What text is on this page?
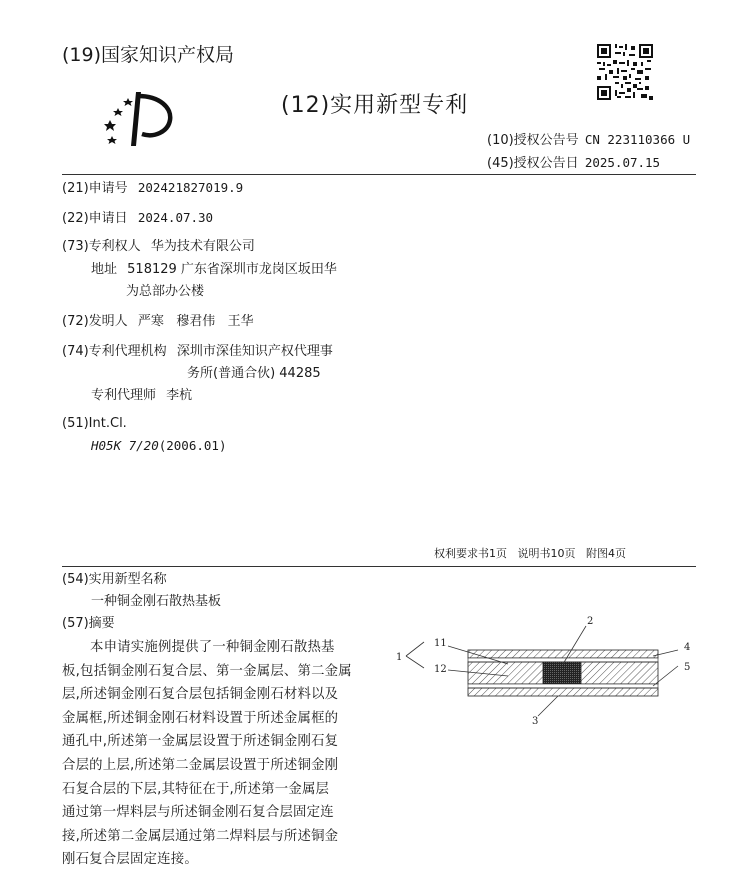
(19)国家知识产权局
(12)实用新型专利
(10)授权公告号 CN 223110366 U
(45)授权公告日 2025.07.15
(21)申请号 202421827019.9
(22)申请日 2024.07.30
(73)专利权人 华为技术有限公司
地址 518129 广东省深圳市龙岗区坂田华
为总部办公楼
(72)发明人 严寒   穆君伟   王华
(74)专利代理机构 深圳市深佳知识产权代理事
务所(普通合伙) 44285
专利代理师 李杭
(51)Int.Cl.
H05K 7/20(2006.01)
权利要求书1页   说明书10页   附图4页
(54)实用新型名称
一种铜金刚石散热基板
(57)摘要

本申请实施例提供了一种铜金刚石散热基

板,包括铜金刚石复合层、第一金属层、第二金属

层,所述铜金刚石复合层包括铜金刚石材料以及

金属框,所述铜金刚石材料设置于所述金属框的

通孔中,所述第一金属层设置于所述铜金刚石复

合层的上层,所述第二金属层设置于所述铜金刚

石复合层的下层,其特征在于,所述第一金属层

通过第一焊料层与所述铜金刚石复合层固定连

接,所述第二金属层通过第二焊料层与所述铜金

刚石复合层固定连接。

1
11
12
2
4
5
3
